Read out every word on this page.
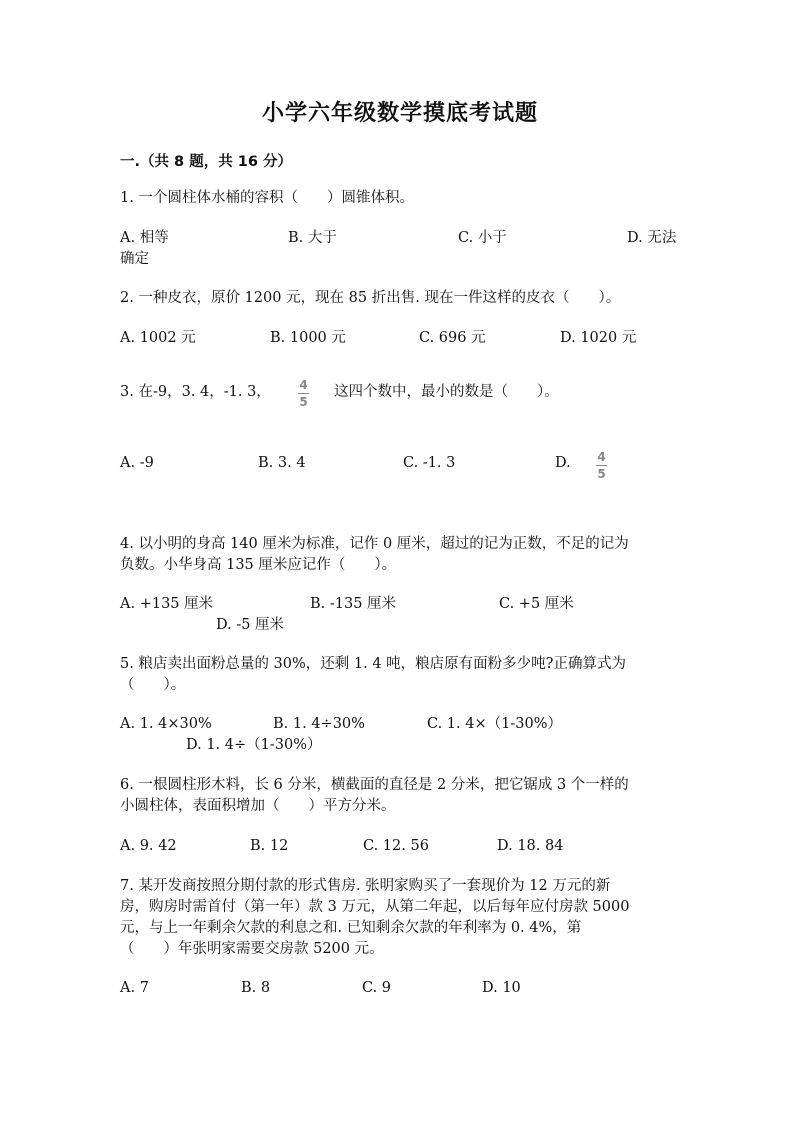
小学六年级数学摸底考试题
一.（共 8 题，共 16 分）
1. 一个圆柱体水桶的容积（　　）圆锥体积。
A. 相等	B. 大于	C. 小于	D. 无法
确定
2. 一种皮衣，原价 1200 元，现在 85 折出售. 现在一件这样的皮衣（　　）。
A. 1002 元	B. 1000 元	C. 696 元	D. 1020 元
3. 在-9，3. 4，-1. 3， 4
5
这四个数中，最小的数是（　　）。
A. -9	B. 3. 4	C. -1. 3	D. 4
5
4. 以小明的身高 140 厘米为标准，记作 0 厘米，超过的记为正数，不足的记为
负数。小华身高 135 厘米应记作（　　）。
A. +135 厘米	B. -135 厘米	C. +5 厘米
D. -5 厘米
5. 粮店卖出面粉总量的 30%，还剩 1. 4 吨，粮店原有面粉多少吨?正确算式为
（　　）。
A. 1. 4×30%	B. 1. 4÷30%	C. 1. 4×（1-30%）
D. 1. 4÷（1-30%）
6. 一根圆柱形木料，长 6 分米，横截面的直径是 2 分米，把它锯成 3 个一样的
小圆柱体，表面积增加（　　）平方分米。
A. 9. 42	B. 12	C. 12. 56	D. 18. 84
7. 某开发商按照分期付款的形式售房. 张明家购买了一套现价为 12 万元的新
房，购房时需首付（第一年）款 3 万元，从第二年起，以后每年应付房款 5000
元，与上一年剩余欠款的利息之和. 已知剩余欠款的年利率为 0. 4%，第
（　　）年张明家需要交房款 5200 元。
A. 7	B. 8	C. 9	D. 10
